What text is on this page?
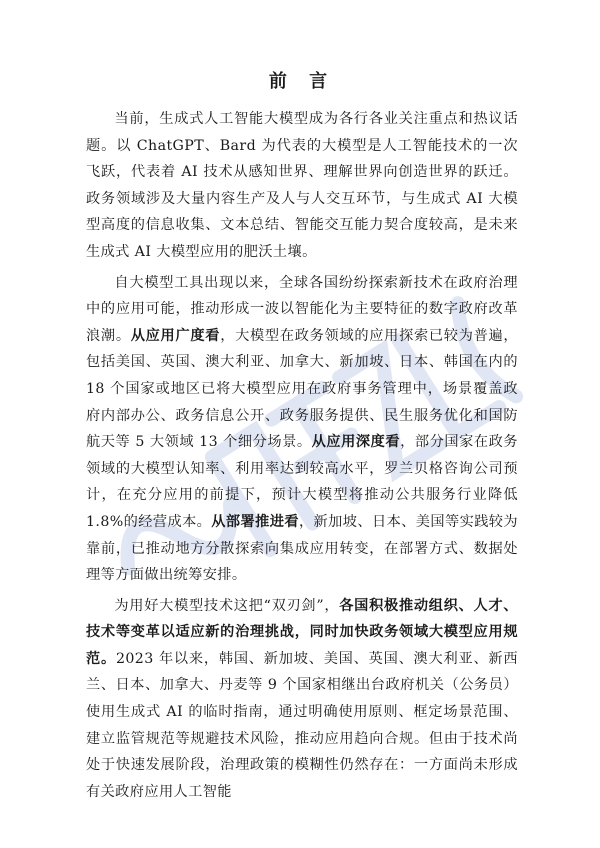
前 言

当前，生成式人工智能大模型成为各行各业关注重点和热议话题。以 ChatGPT、Bard 为代表的大模型是人工智能技术的一次飞跃，代表着 AI 技术从感知世界、理解世界向创造世界的跃迁。政务领域涉及大量内容生产及人与人交互环节，与生成式 AI 大模型高度的信息收集、文本总结、智能交互能力契合度较高，是未来生成式 AI 大模型应用的肥沃土壤。

自大模型工具出现以来，全球各国纷纷探索新技术在政府治理中的应用可能，推动形成一波以智能化为主要特征的数字政府改革浪潮。从应用广度看，大模型在政务领域的应用探索已较为普遍，包括美国、英国、澳大利亚、加拿大、新加坡、日本、韩国在内的 18 个国家或地区已将大模型应用在政府事务管理中，场景覆盖政府内部办公、政务信息公开、政务服务提供、民生服务优化和国防航天等 5 大领域 13 个细分场景。从应用深度看，部分国家在政务领域的大模型认知率、利用率达到较高水平，罗兰贝格咨询公司预计，在充分应用的前提下，预计大模型将推动公共服务行业降低 1.8%的经营成本。从部署推进看，新加坡、日本、美国等实践较为靠前，已推动地方分散探索向集成应用转变，在部署方式、数据处理等方面做出统筹安排。

为用好大模型技术这把“双刃剑”，各国积极推动组织、人才、技术等变革以适应新的治理挑战，同时加快政务领域大模型应用规范。2023 年以来，韩国、新加坡、美国、英国、澳大利亚、新西兰、日本、加拿大、丹麦等 9 个国家相继出台政府机关（公务员）使用生成式 AI 的临时指南，通过明确使用原则、框定场景范围、建立监管规范等规避技术风险，推动应用趋向合规。但由于技术尚处于快速发展阶段，治理政策的模糊性仍然存在：一方面尚未形成有关政府应用人工智能
